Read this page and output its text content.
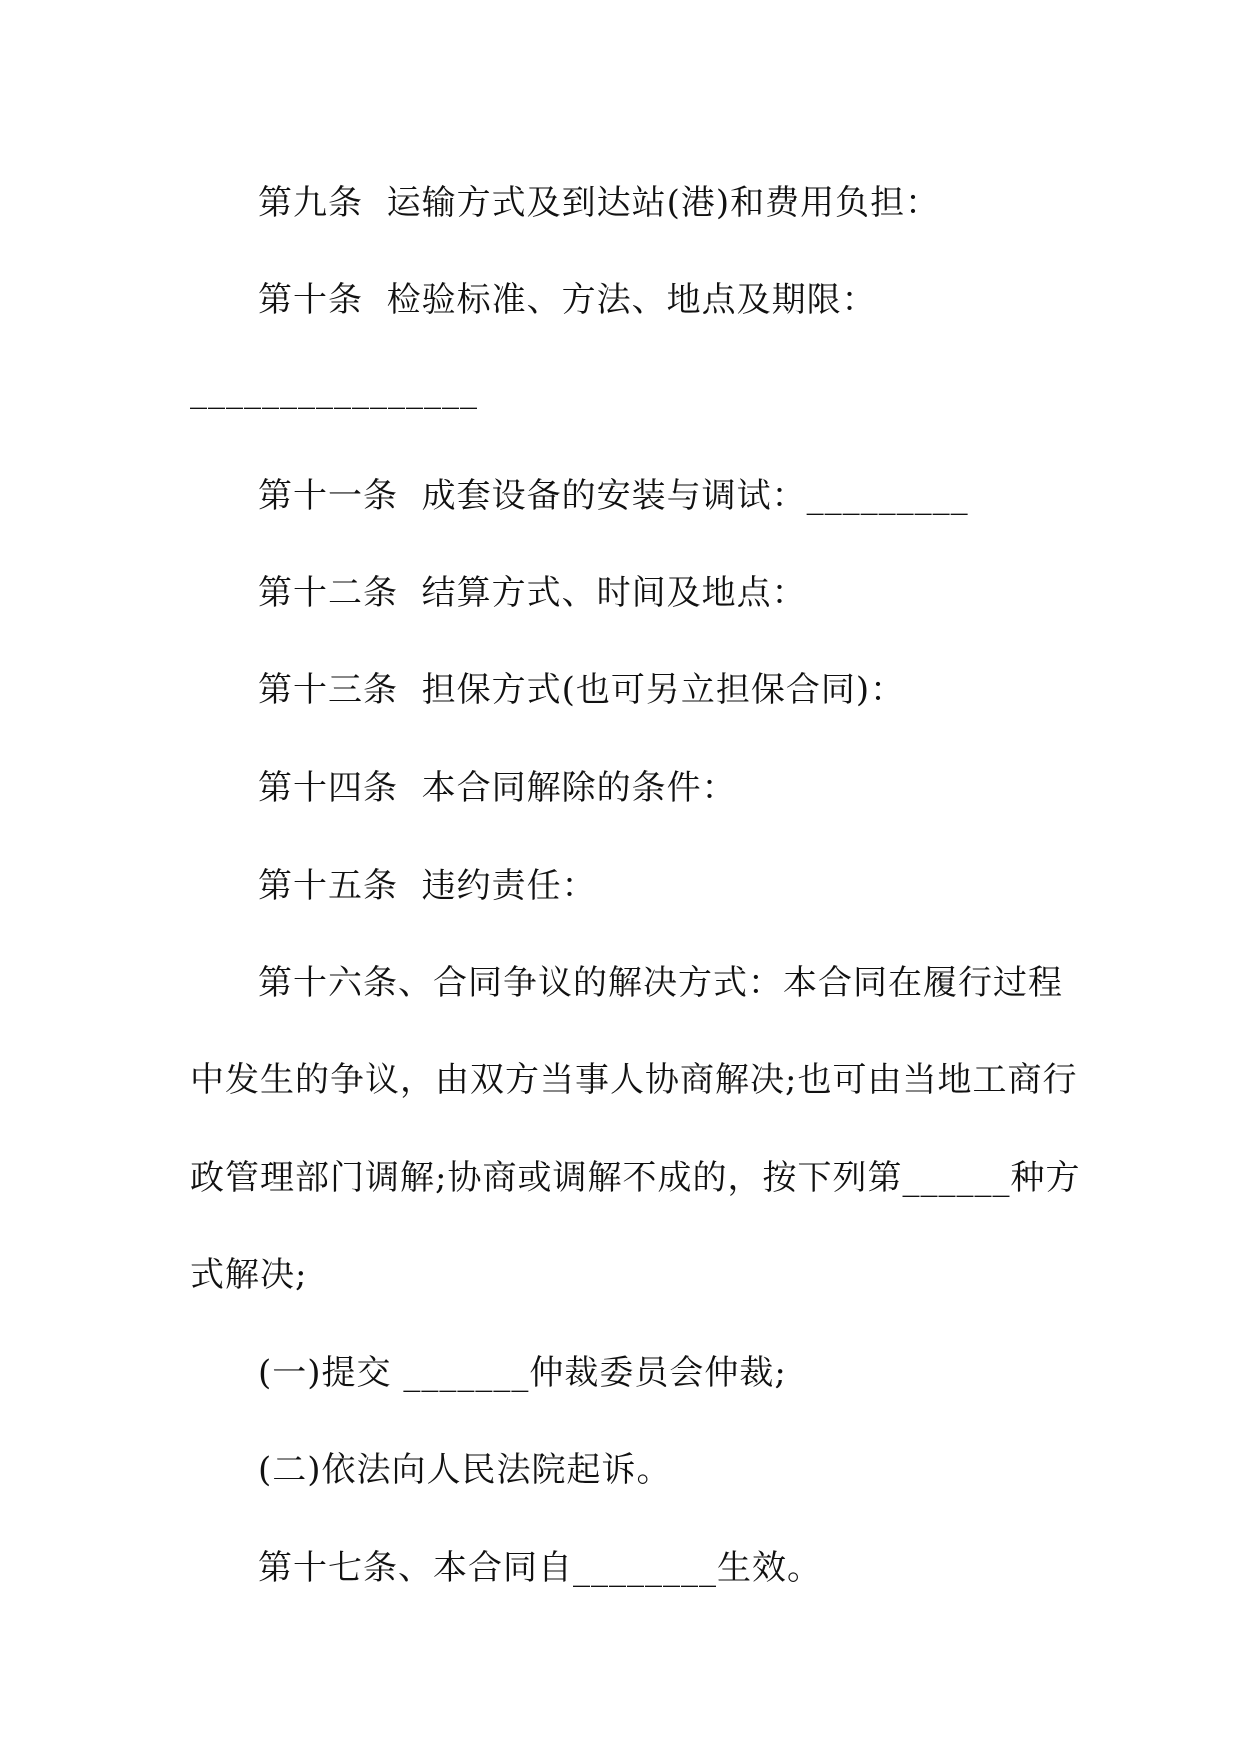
第九条  运输方式及到达站(港)和费用负担：
第十条  检验标准、方法、地点及期限：
________________
第十一条  成套设备的安装与调试：_________
第十二条  结算方式、时间及地点：
第十三条  担保方式(也可另立担保合同)：
第十四条  本合同解除的条件：
第十五条  违约责任：
第十六条、合同争议的解决方式：本合同在履行过程
中发生的争议，由双方当事人协商解决;也可由当地工商行
政管理部门调解;协商或调解不成的，按下列第______种方
式解决;
(一)提交 _______仲裁委员会仲裁;
(二)依法向人民法院起诉。
第十七条、本合同自________生效。
